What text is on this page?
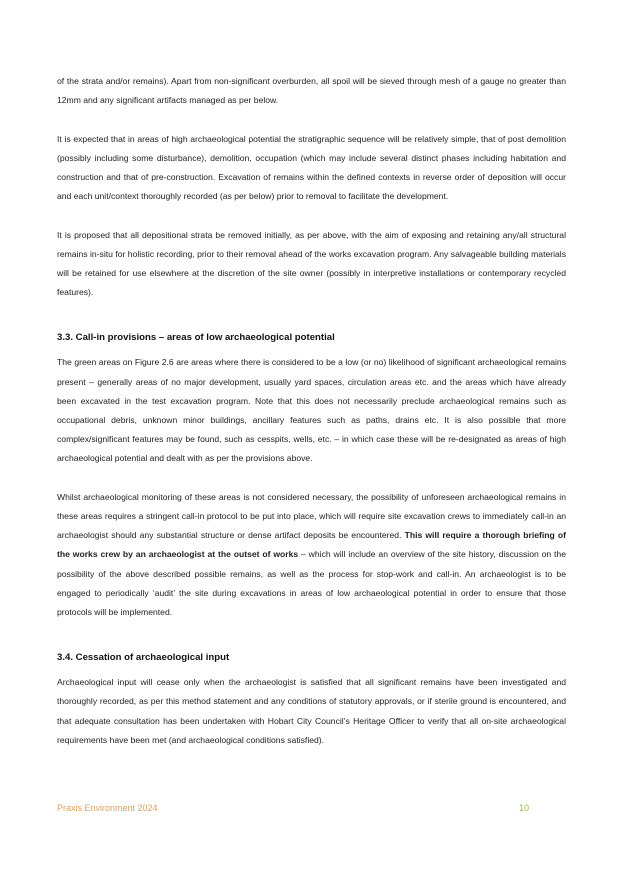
of the strata and/or remains). Apart from non-significant overburden, all spoil will be sieved through mesh of a gauge no greater than 12mm and any significant artifacts managed as per below.

It is expected that in areas of high archaeological potential the stratigraphic sequence will be relatively simple, that of post demolition (possibly including some disturbance), demolition, occupation (which may include several distinct phases including habitation and construction and that of pre-construction. Excavation of remains within the defined contexts in reverse order of deposition will occur and each unit/context thoroughly recorded (as per below) prior to removal to facilitate the development.

It is proposed that all depositional strata be removed initially, as per above, with the aim of exposing and retaining any/all structural remains in-situ for holistic recording, prior to their removal ahead of the works excavation program. Any salvageable building materials will be retained for use elsewhere at the discretion of the site owner (possibly in interpretive installations or contemporary recycled features).

3.3. Call-in provisions – areas of low archaeological potential

The green areas on Figure 2.6 are areas where there is considered to be a low (or no) likelihood of significant archaeological remains present – generally areas of no major development, usually yard spaces, circulation areas etc. and the areas which have already been excavated in the test excavation program. Note that this does not necessarily preclude archaeological remains such as occupational debris, unknown minor buildings, ancillary features such as paths, drains etc. It is also possible that more complex/significant features may be found, such as cesspits, wells, etc. – in which case these will be re-designated as areas of high archaeological potential and dealt with as per the provisions above.

Whilst archaeological monitoring of these areas is not considered necessary, the possibility of unforeseen archaeological remains in these areas requires a stringent call-in protocol to be put into place, which will require site excavation crews to immediately call-in an archaeologist should any substantial structure or dense artifact deposits be encountered. This will require a thorough briefing of the works crew by an archaeologist at the outset of works – which will include an overview of the site history, discussion on the possibility of the above described possible remains, as well as the process for stop-work and call-in. An archaeologist is to be engaged to periodically ‘audit’ the site during excavations in areas of low archaeological potential in order to ensure that those protocols will be implemented.

3.4. Cessation of archaeological input

Archaeological input will cease only when the archaeologist is satisfied that all significant remains have been investigated and thoroughly recorded, as per this method statement and any conditions of statutory approvals, or if sterile ground is encountered, and that adequate consultation has been undertaken with Hobart City Council’s Heritage Officer to verify that all on-site archaeological requirements have been met (and archaeological conditions satisfied).

Praxis Environment 2024	10
